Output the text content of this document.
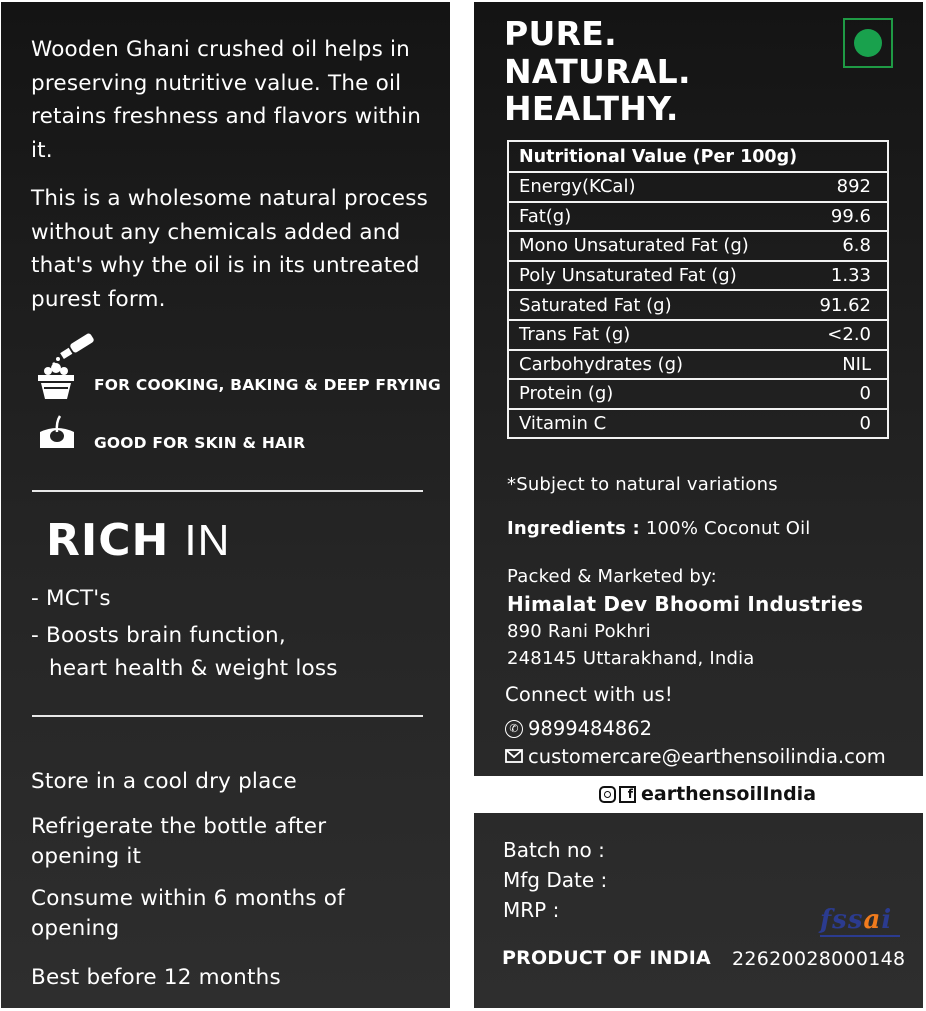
Wooden Ghani crushed oil helps in preserving nutritive value. The oil retains freshness and flavors within it.
This is a wholesome natural process without any chemicals added and that's why the oil is in its untreated purest form.
FOR COOKING, BAKING & DEEP FRYING
GOOD FOR SKIN & HAIR
RICH IN
- MCT's
- Boosts brain function,
heart health & weight loss
Store in a cool dry place
Refrigerate the bottle after opening it
Consume within 6 months of opening
Best before 12 months
PURE.
NATURAL.
HEALTHY.
Nutritional Value (Per 100g)	
Energy(KCal)	892
Fat(g)	99.6
Mono Unsaturated Fat (g)	6.8
Poly Unsaturated Fat (g)	1.33
Saturated Fat (g)	91.62
Trans Fat (g)	<2.0
Carbohydrates (g)	NIL
Protein (g)	0
Vitamin C	0
*Subject to natural variations
Ingredients : 100% Coconut Oil
Packed & Marketed by:
Himalat Dev Bhoomi Industries
890 Rani Pokhri
248145 Uttarakhand, India
Connect with us!
✆ 9899484862
customercare@earthensoilindia.com
f earthensoilIndia
Batch no :
Mfg Date :
MRP :	fssai
PRODUCT OF INDIA 22620028000148
